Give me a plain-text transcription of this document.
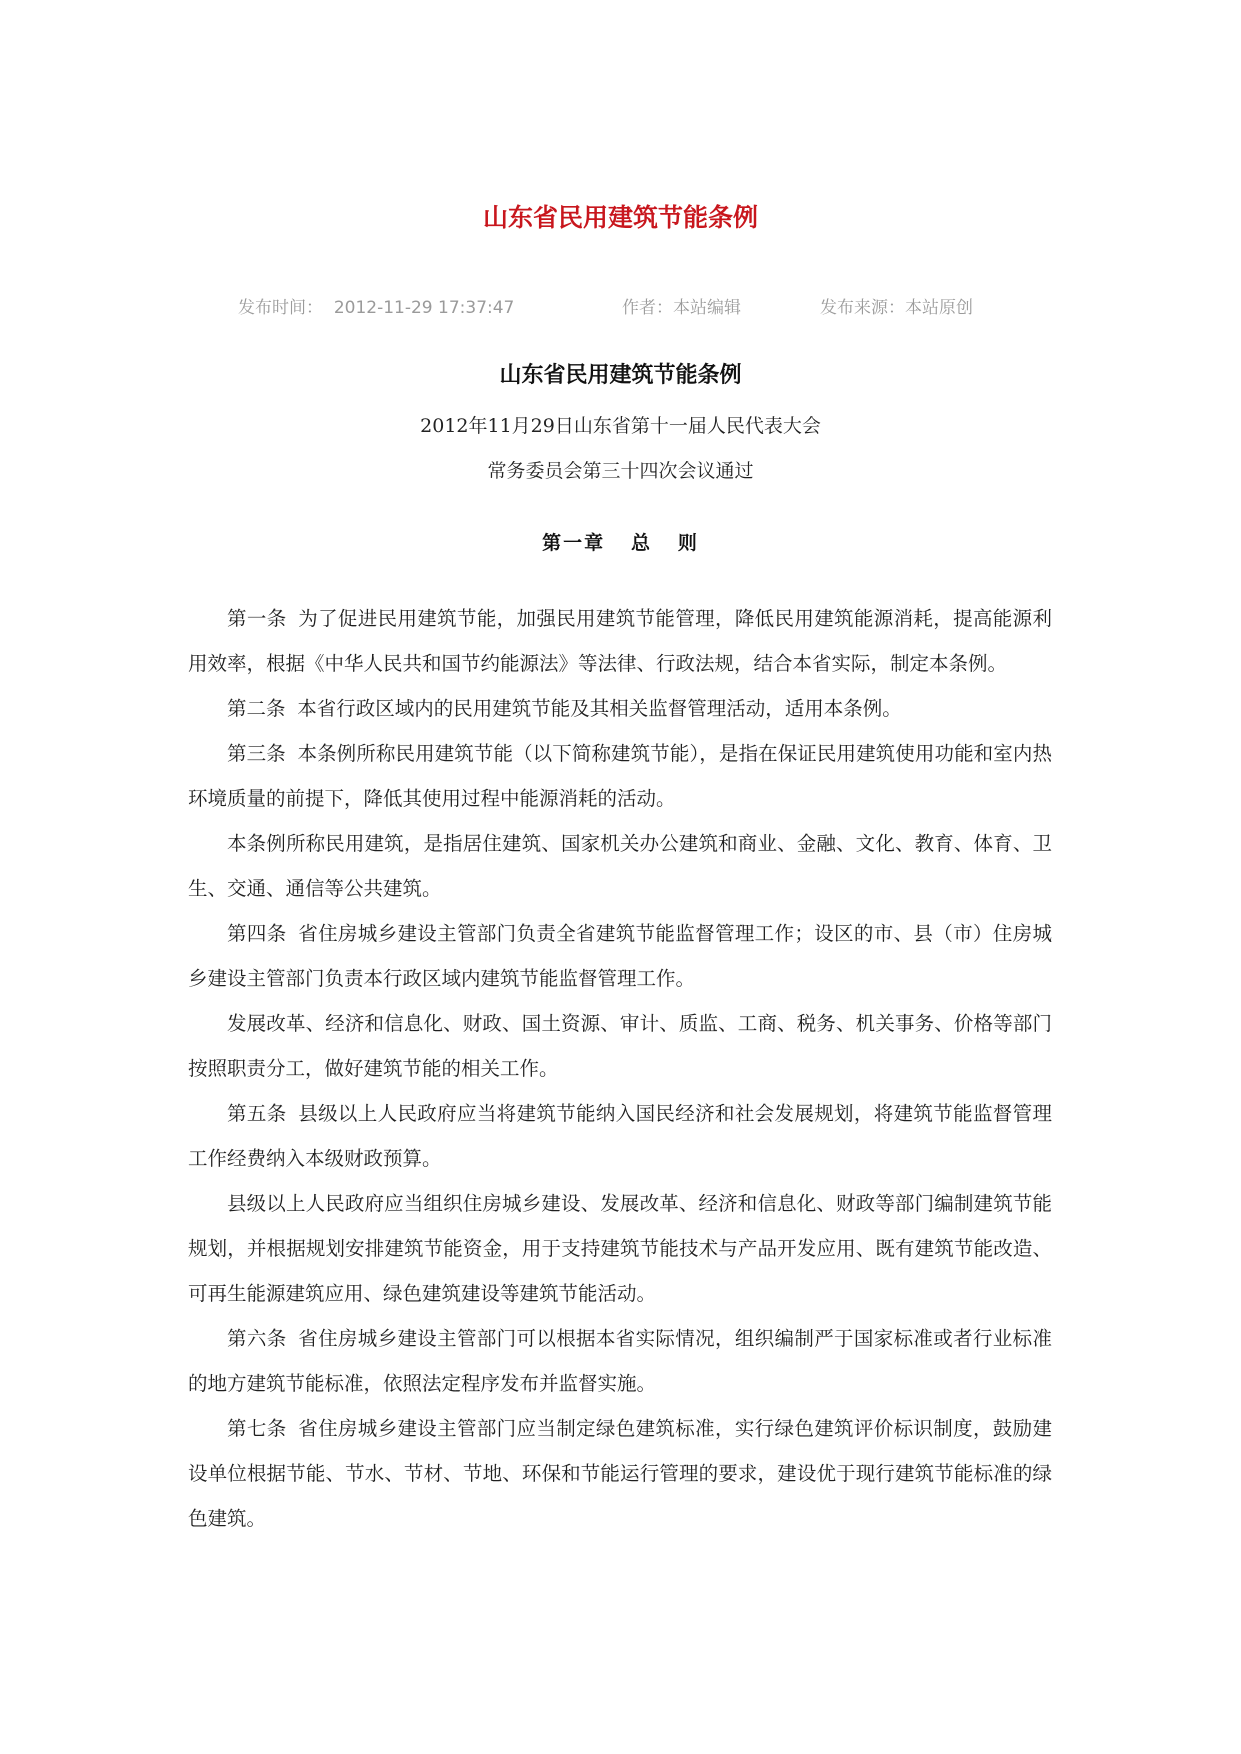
山东省民用建筑节能条例
发布时间： 2012-11-29 17:37:47	作者：本站编辑	发布来源：本站原创
山东省民用建筑节能条例
2012年11月29日山东省第十一届人民代表大会
常务委员会第三十四次会议通过
第一章   总   则

第一条 为了促进民用建筑节能，加强民用建筑节能管理，降低民用建筑能源消耗，提高能源利用效率，根据《中华人民共和国节约能源法》等法律、行政法规，结合本省实际，制定本条例。

第二条 本省行政区域内的民用建筑节能及其相关监督管理活动，适用本条例。

第三条 本条例所称民用建筑节能（以下简称建筑节能），是指在保证民用建筑使用功能和室内热环境质量的前提下，降低其使用过程中能源消耗的活动。

本条例所称民用建筑，是指居住建筑、国家机关办公建筑和商业、金融、文化、教育、体育、卫生、交通、通信等公共建筑。

第四条 省住房城乡建设主管部门负责全省建筑节能监督管理工作；设区的市、县（市）住房城乡建设主管部门负责本行政区域内建筑节能监督管理工作。

发展改革、经济和信息化、财政、国土资源、审计、质监、工商、税务、机关事务、价格等部门按照职责分工，做好建筑节能的相关工作。

第五条 县级以上人民政府应当将建筑节能纳入国民经济和社会发展规划，将建筑节能监督管理工作经费纳入本级财政预算。

县级以上人民政府应当组织住房城乡建设、发展改革、经济和信息化、财政等部门编制建筑节能规划，并根据规划安排建筑节能资金，用于支持建筑节能技术与产品开发应用、既有建筑节能改造、可再生能源建筑应用、绿色建筑建设等建筑节能活动。

第六条 省住房城乡建设主管部门可以根据本省实际情况，组织编制严于国家标准或者行业标准的地方建筑节能标准，依照法定程序发布并监督实施。

第七条 省住房城乡建设主管部门应当制定绿色建筑标准，实行绿色建筑评价标识制度，鼓励建设单位根据节能、节水、节材、节地、环保和节能运行管理的要求，建设优于现行建筑节能标准的绿色建筑。
